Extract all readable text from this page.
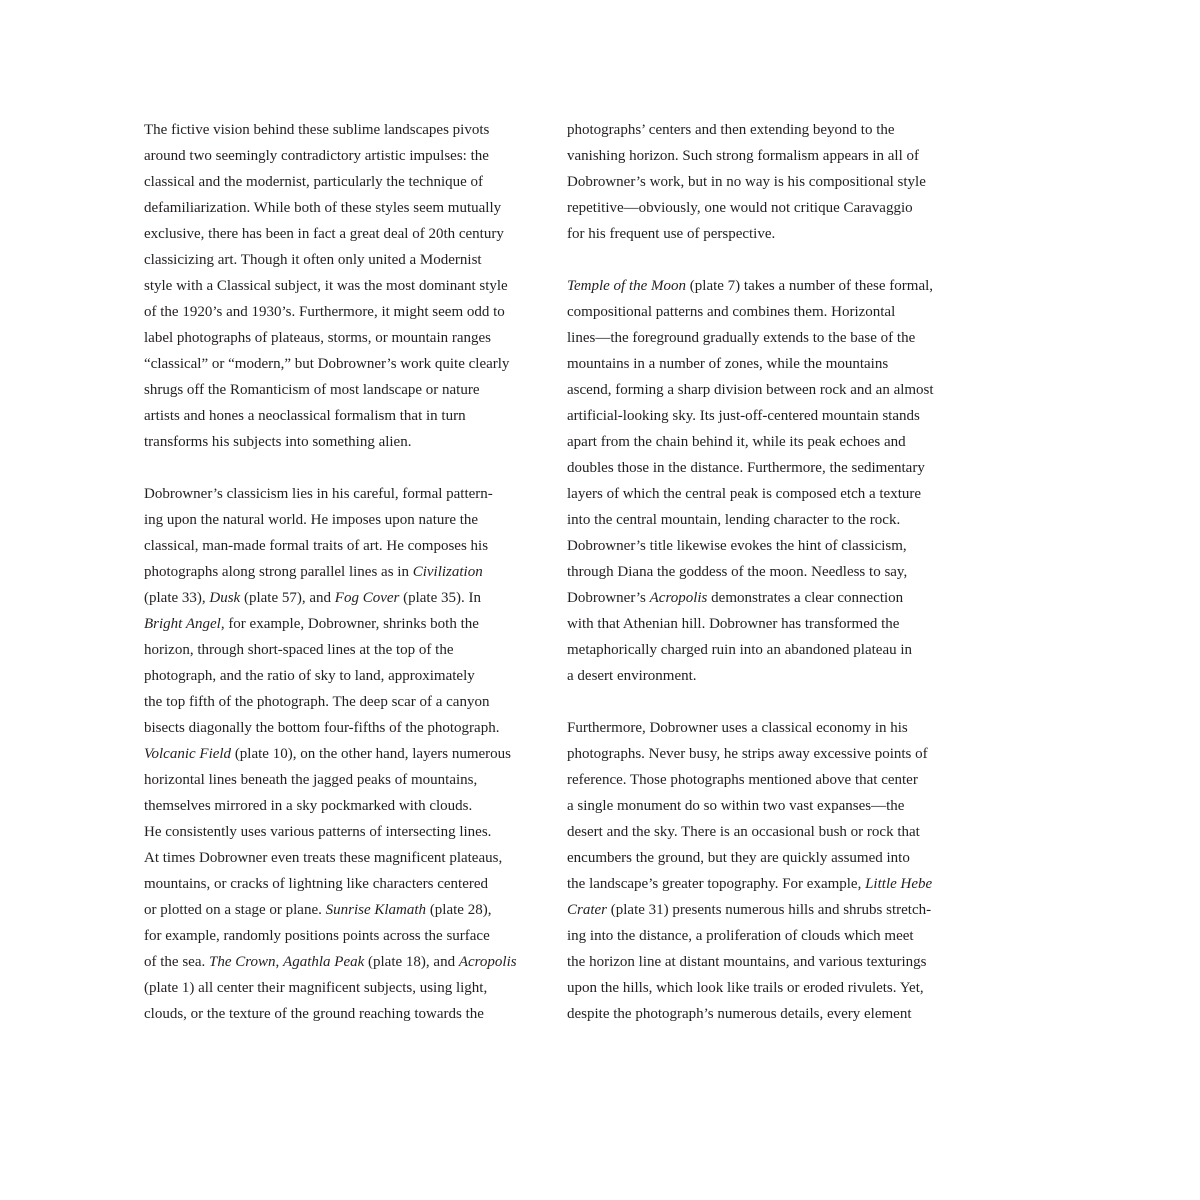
The fictive vision behind these sublime landscapes pivots
around two seemingly contradictory artistic impulses: the
classical and the modernist, particularly the technique of
defamiliarization. While both of these styles seem mutually
exclusive, there has been in fact a great deal of 20th century
classicizing art. Though it often only united a Modernist
style with a Classical subject, it was the most dominant style
of the 1920’s and 1930’s. Furthermore, it might seem odd to
label photographs of plateaus, storms, or mountain ranges
“classical” or “modern,” but Dobrowner’s work quite clearly
shrugs off the Romanticism of most landscape or nature
artists and hones a neoclassical formalism that in turn
transforms his subjects into something alien.
Dobrowner’s classicism lies in his careful, formal pattern-
ing upon the natural world. He imposes upon nature the
classical, man-made formal traits of art. He composes his
photographs along strong parallel lines as in Civilization
(plate 33), Dusk (plate 57), and Fog Cover (plate 35). In
Bright Angel, for example, Dobrowner, shrinks both the
horizon, through short-spaced lines at the top of the
photograph, and the ratio of sky to land, approximately
the top fifth of the photograph. The deep scar of a canyon
bisects diagonally the bottom four-fifths of the photograph.
Volcanic Field (plate 10), on the other hand, layers numerous
horizontal lines beneath the jagged peaks of mountains,
themselves mirrored in a sky pockmarked with clouds.
He consistently uses various patterns of intersecting lines.
At times Dobrowner even treats these magnificent plateaus,
mountains, or cracks of lightning like characters centered
or plotted on a stage or plane. Sunrise Klamath (plate 28),
for example, randomly positions points across the surface
of the sea. The Crown, Agathla Peak (plate 18), and Acropolis
(plate 1) all center their magnificent subjects, using light,
clouds, or the texture of the ground reaching towards the
photographs’ centers and then extending beyond to the
vanishing horizon. Such strong formalism appears in all of
Dobrowner’s work, but in no way is his compositional style
repetitive—obviously, one would not critique Caravaggio
for his frequent use of perspective.
Temple of the Moon (plate 7) takes a number of these formal,
compositional patterns and combines them. Horizontal
lines—the foreground gradually extends to the base of the
mountains in a number of zones, while the mountains
ascend, forming a sharp division between rock and an almost
artificial-looking sky. Its just-off-centered mountain stands
apart from the chain behind it, while its peak echoes and
doubles those in the distance. Furthermore, the sedimentary
layers of which the central peak is composed etch a texture
into the central mountain, lending character to the rock.
Dobrowner’s title likewise evokes the hint of classicism,
through Diana the goddess of the moon. Needless to say,
Dobrowner’s Acropolis demonstrates a clear connection
with that Athenian hill. Dobrowner has transformed the
metaphorically charged ruin into an abandoned plateau in
a desert environment.
Furthermore, Dobrowner uses a classical economy in his
photographs. Never busy, he strips away excessive points of
reference. Those photographs mentioned above that center
a single monument do so within two vast expanses—the
desert and the sky. There is an occasional bush or rock that
encumbers the ground, but they are quickly assumed into
the landscape’s greater topography. For example, Little Hebe
Crater (plate 31) presents numerous hills and shrubs stretch-
ing into the distance, a proliferation of clouds which meet
the horizon line at distant mountains, and various texturings
upon the hills, which look like trails or eroded rivulets. Yet,
despite the photograph’s numerous details, every element
